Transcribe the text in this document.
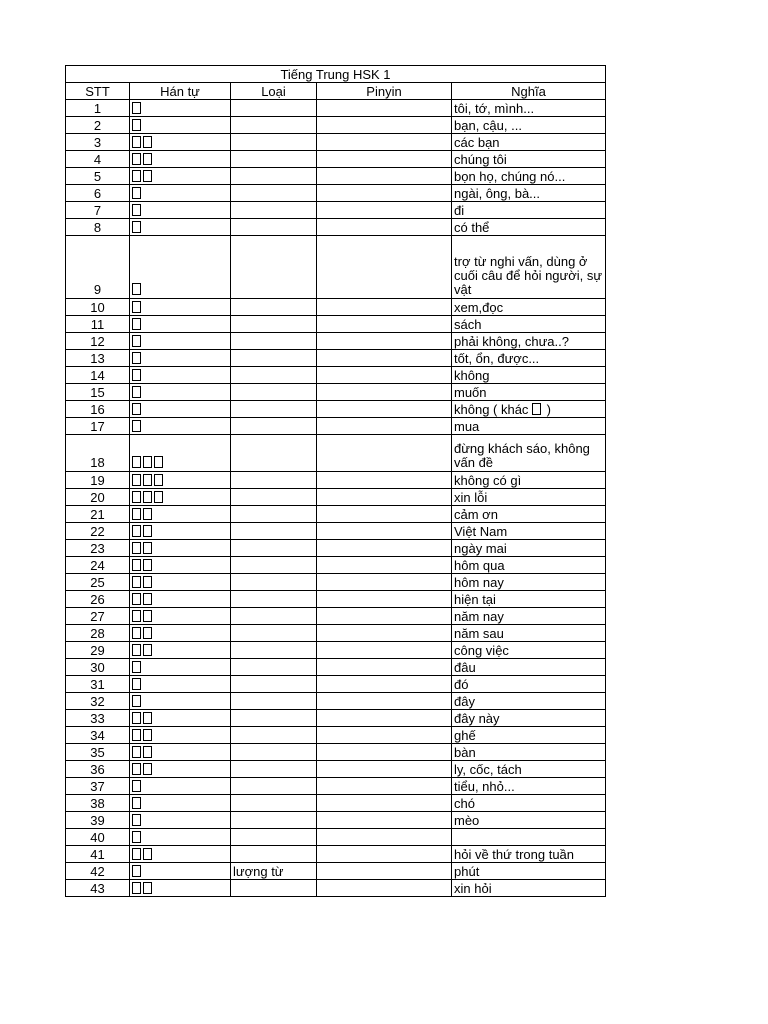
Tiếng Trung HSK 1				
STT	Hán tự	Loại	Pinyin	Nghĩa
1				tôi, tớ, mình...
2				bạn, cậu, ...
3				các bạn
4				chúng tôi
5				bọn họ, chúng nó...
6				ngài, ông, bà...
7				đi
8				có thể
9				trợ từ nghi vấn, dùng ở cuối câu để hỏi người, sự vật
10				xem,đọc
11				sách
12				phải không, chưa..?
13				tốt, ổn, được...
14				không
15				muốn
16				không ( khác  )
17				mua
18				đừng khách sáo, không vấn đề
19				không có gì
20				xin lỗi
21				cảm ơn
22				Việt Nam
23				ngày mai
24				hôm qua
25				hôm nay
26				hiện tại
27				năm nay
28				năm sau
29				công việc
30				đâu
31				đó
32				đây
33				đây này
34				ghế
35				bàn
36				ly, cốc, tách
37				tiểu, nhỏ...
38				chó
39				mèo
40				
41				hỏi về thứ trong tuần
42		lượng từ		phút
43				xin hỏi
